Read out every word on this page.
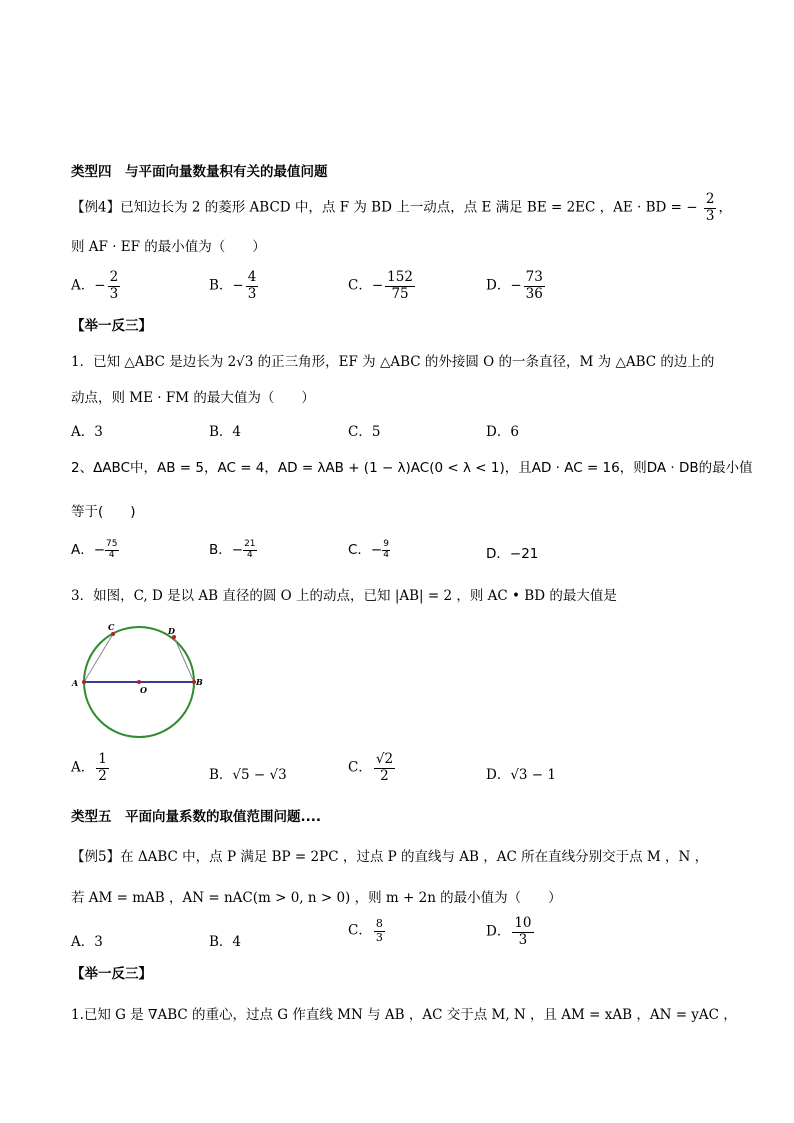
类型四　与平面向量数量积有关的最值问题
【例4】已知边长为 2 的菱形 ABCD 中，点 F 为 BD 上一动点，点 E 满足 BE = 2EC ，AE · BD = − $\frac{2}{3}$ ，
则 AF · EF 的最小值为（　　）
A．− $\frac{2}{3}$	B．− $\frac{4}{3}$	C．− $\frac{152}{75}$	D．− $\frac{73}{36}$
【举一反三】
1．已知 △ABC 是边长为 2√3 的正三角形，EF 为 △ABC 的外接圆 O 的一条直径，M 为 △ABC 的边上的
动点，则 ME · FM 的最大值为（　　）
A．3	B．4	C．5	D．6
2、ΔABC中，AB = 5，AC = 4，AD = λAB + (1 − λ)AC(0 < λ < 1)，且AD · AC = 16，则DA · DB的最小值
等于(　　)
A．− $\frac{75}{4}$	B．− $\frac{21}{4}$	C．− $\frac{9}{4}$	D．−21
3．如图，C, D 是以 AB 直径的圆 O 上的动点，已知 |AB| = 2 ，则 AC • BD 的最大值是
A	B
C	D
O
A． $\frac{1}{2}$	B．√5 − √3	C． $\frac{√2}{2}$	D．√3 − 1
类型五　平面向量系数的取值范围问题....
【例5】在 ΔABC 中，点 P 满足 BP = 2PC ，过点 P 的直线与 AB ，AC 所在直线分别交于点 M ，N ，
若 AM = mAB ，AN = nAC(m > 0, n > 0) ，则 m + 2n 的最小值为（　　）
A．3	B．4
C． $\frac{8}{3}$	D． $\frac{10}{3}$
【举一反三】
1.已知 G 是 ∇ABC 的重心，过点 G 作直线 MN 与 AB ，AC 交于点 M, N ，且 AM = xAB ，AN = yAC ，
